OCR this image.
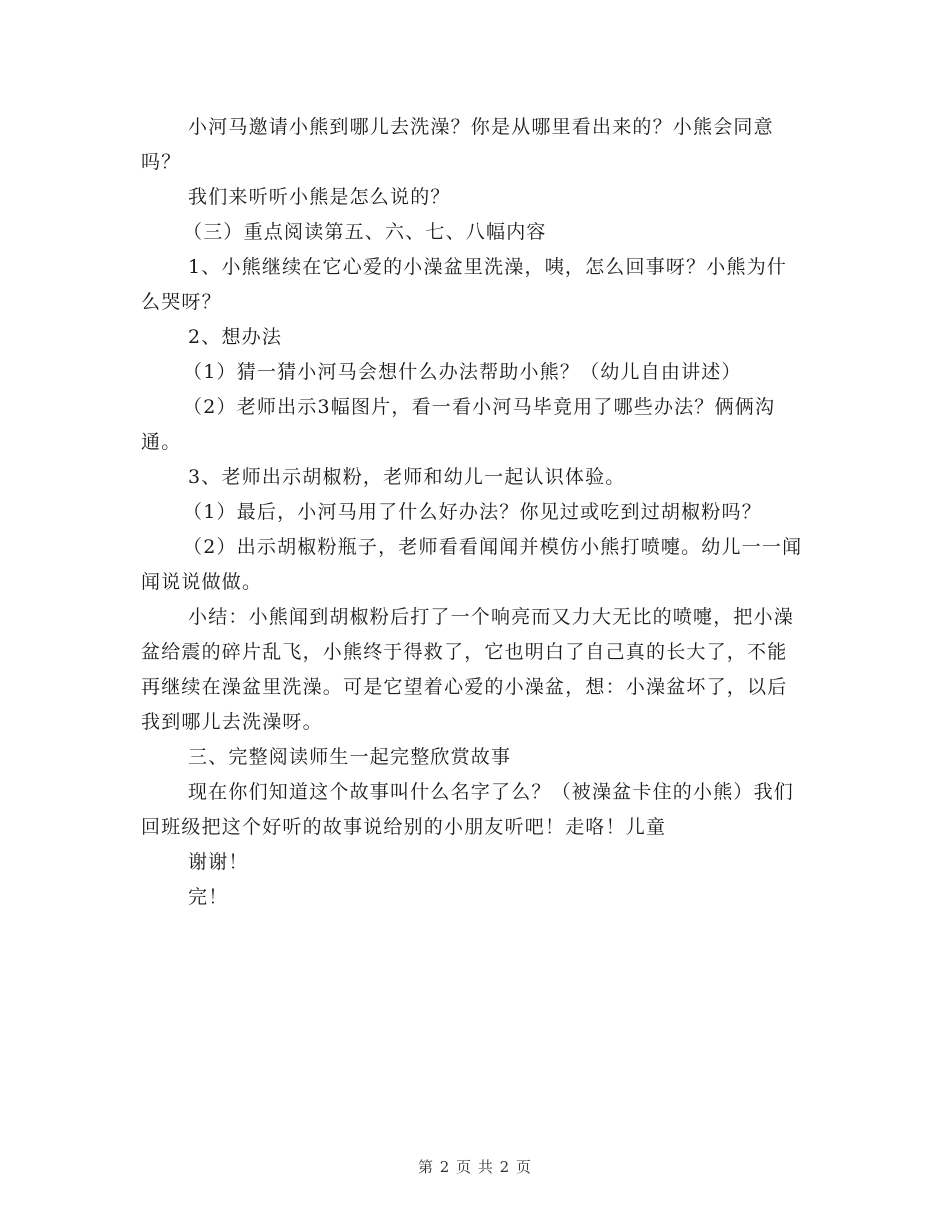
小河马邀请小熊到哪儿去洗澡？你是从哪里看出来的？小熊会同意吗？

我们来听听小熊是怎么说的？

（三）重点阅读第五、六、七、八幅内容

1、小熊继续在它心爱的小澡盆里洗澡，咦，怎么回事呀？小熊为什么哭呀？

2、想办法

（1）猜一猜小河马会想什么办法帮助小熊？（幼儿自由讲述）

（2）老师出示3幅图片，看一看小河马毕竟用了哪些办法？俩俩沟通。

3、老师出示胡椒粉，老师和幼儿一起认识体验。

（1）最后，小河马用了什么好办法？你见过或吃到过胡椒粉吗？

（2）出示胡椒粉瓶子，老师看看闻闻并模仿小熊打喷嚏。幼儿一一闻闻说说做做。

小结：小熊闻到胡椒粉后打了一个响亮而又力大无比的喷嚏，把小澡盆给震的碎片乱飞，小熊终于得救了，它也明白了自己真的长大了，不能再继续在澡盆里洗澡。可是它望着心爱的小澡盆，想：小澡盆坏了，以后我到哪儿去洗澡呀。

三、完整阅读师生一起完整欣赏故事

现在你们知道这个故事叫什么名字了么？（被澡盆卡住的小熊）我们回班级把这个好听的故事说给别的小朋友听吧！走咯！儿童

谢谢！

完！

第 2 页 共 2 页
